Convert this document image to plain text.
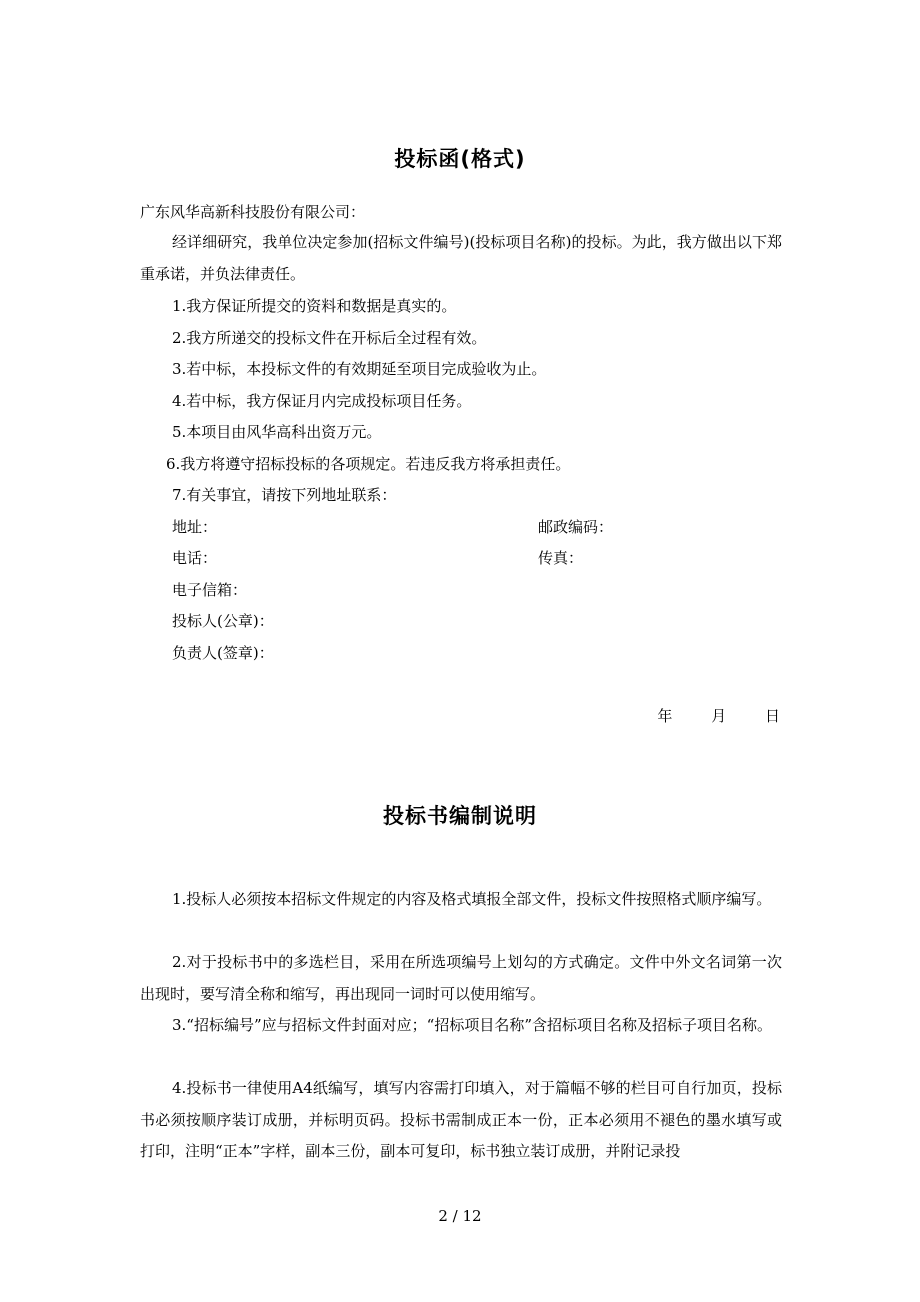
投标函(格式)
广东风华高新科技股份有限公司：
经详细研究，我单位决定参加(招标文件编号)(投标项目名称)的投标。为此，我方做出以下郑重承诺，并负法律责任。
1.我方保证所提交的资料和数据是真实的。
2.我方所递交的投标文件在开标后全过程有效。
3.若中标，本投标文件的有效期延至项目完成验收为止。
4.若中标，我方保证月内完成投标项目任务。
5.本项目由风华高科出资万元。
6.我方将遵守招标投标的各项规定。若违反我方将承担责任。
7.有关事宜，请按下列地址联系：
地址：	邮政编码：
电话：	传真：
电子信箱：
投标人(公章)：
负责人(签章)：
年	月	日
投标书编制说明
1.投标人必须按本招标文件规定的内容及格式填报全部文件，投标文件按照格式顺序编写。
2.对于投标书中的多选栏目，采用在所选项编号上划勾的方式确定。文件中外文名词第一次出现时，要写清全称和缩写，再出现同一词时可以使用缩写。
3.“招标编号”应与招标文件封面对应；“招标项目名称”含招标项目名称及招标子项目名称。
4.投标书一律使用A4纸编写，填写内容需打印填入，对于篇幅不够的栏目可自行加页，投标书必须按顺序装订成册，并标明页码。投标书需制成正本一份，正本必须用不褪色的墨水填写或打印，注明“正本”字样，副本三份，副本可复印，标书独立装订成册，并附记录投
2 / 12
